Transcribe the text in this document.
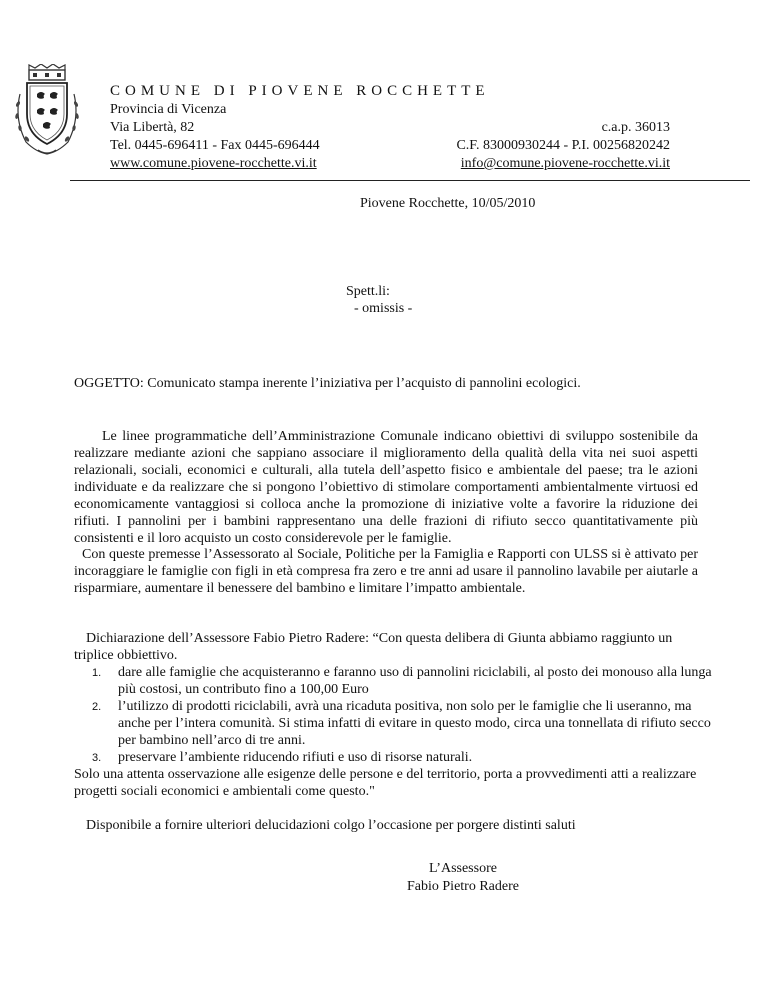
COMUNE DI PIOVENE ROCCHETTE
Provincia di Vicenza
Via Libertà, 82	c.a.p. 36013
Tel. 0445-696411 - Fax 0445-696444	C.F. 83000930244 - P.I. 00256820242
www.comune.piovene-rocchette.vi.it	info@comune.piovene-rocchette.vi.it
Piovene Rocchette, 10/05/2010
Spett.li:
- omissis -
OGGETTO: Comunicato stampa inerente l’iniziativa per l’acquisto di pannolini ecologici.
Le linee programmatiche dell’Amministrazione Comunale indicano obiettivi di sviluppo sostenibile da realizzare mediante azioni che sappiano associare il miglioramento della qualità della vita nei suoi aspetti relazionali, sociali, economici e culturali, alla tutela dell’aspetto fisico e ambientale del paese; tra le azioni individuate e da realizzare che si pongono l’obiettivo di stimolare comportamenti ambientalmente virtuosi ed economicamente vantaggiosi si colloca anche la promozione di iniziative volte a favorire la riduzione dei rifiuti. I pannolini per i bambini rappresentano una delle frazioni di rifiuto secco quantitativamente più consistenti e il loro acquisto un costo considerevole per le famiglie.
Con queste premesse l’Assessorato al Sociale, Politiche per la Famiglia e Rapporti con ULSS si è attivato per incoraggiare le famiglie con figli in età compresa fra zero e tre anni ad usare il pannolino lavabile per aiutarle a risparmiare, aumentare il benessere del bambino e limitare l’impatto ambientale.
Dichiarazione dell’Assessore Fabio Pietro Radere: “Con questa delibera di Giunta abbiamo raggiunto un triplice obbiettivo.
1. dare alle famiglie che acquisteranno e faranno uso di pannolini riciclabili, al posto dei monouso alla lunga più costosi, un contributo fino a 100,00 Euro
2. l’utilizzo di prodotti riciclabili, avrà una ricaduta positiva, non solo per le famiglie che li useranno, ma anche per l’intera comunità. Si stima infatti di evitare in questo modo, circa una tonnellata di rifiuto secco per bambino nell’arco di tre anni.
3. preservare l’ambiente riducendo rifiuti e uso di risorse naturali.
Solo una attenta osservazione alle esigenze delle persone e del territorio, porta a provvedimenti atti a realizzare progetti sociali economici e ambientali come questo."
Disponibile a fornire ulteriori delucidazioni colgo l’occasione per porgere distinti saluti
L’Assessore
Fabio Pietro Radere
